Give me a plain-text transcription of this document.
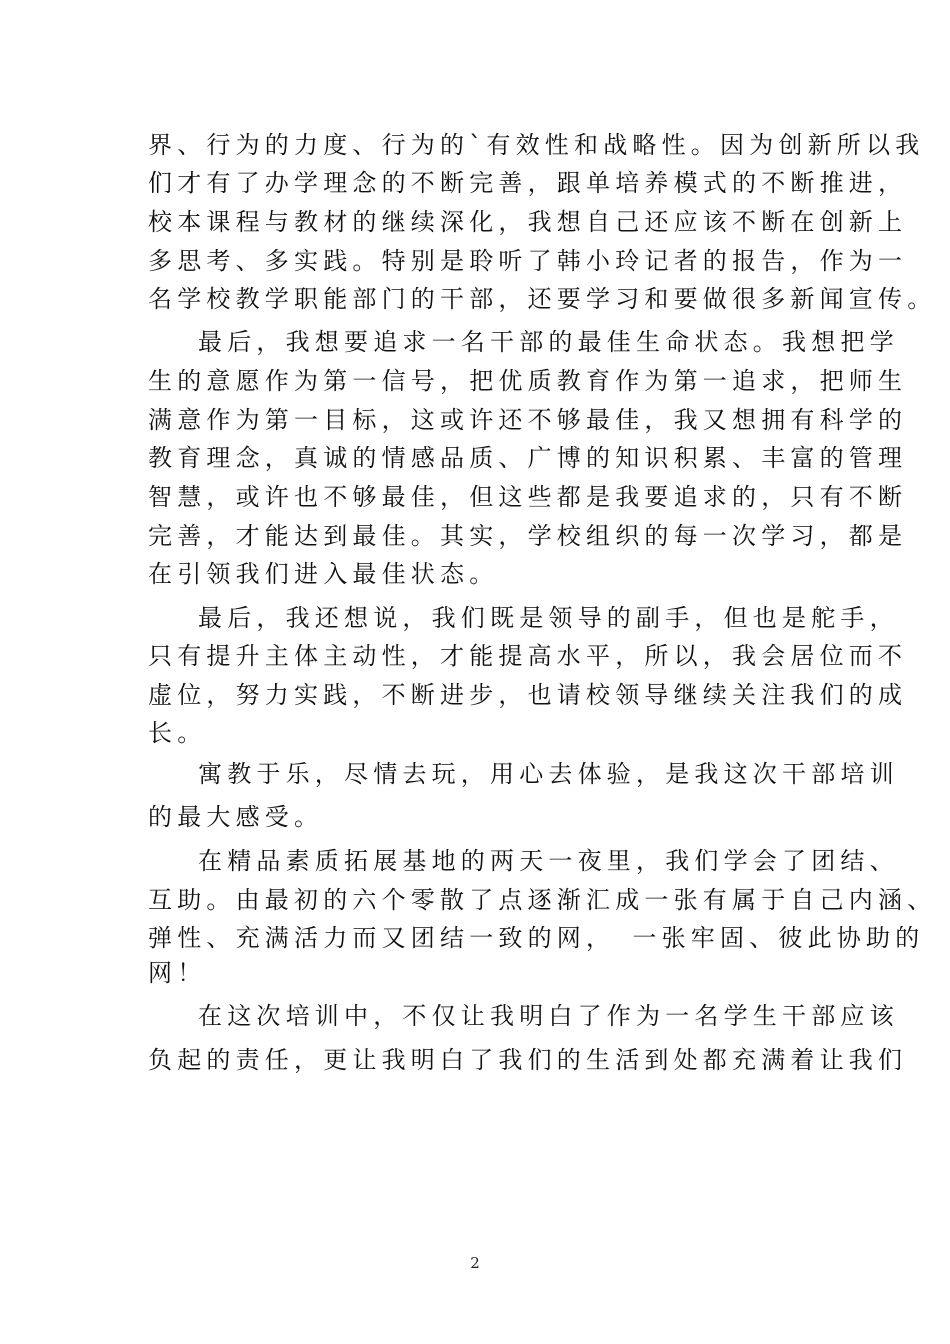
界、行为的力度、行为的`有效性和战略性。因为创新所以我
们才有了办学理念的不断完善，跟单培养模式的不断推进，
校本课程与教材的继续深化，我想自己还应该不断在创新上
多思考、多实践。特别是聆听了韩小玲记者的报告，作为一
名学校教学职能部门的干部，还要学习和要做很多新闻宣传。
最后，我想要追求一名干部的最佳生命状态。我想把学
生的意愿作为第一信号，把优质教育作为第一追求，把师生
满意作为第一目标，这或许还不够最佳，我又想拥有科学的
教育理念，真诚的情感品质、广博的知识积累、丰富的管理
智慧，或许也不够最佳，但这些都是我要追求的，只有不断
完善，才能达到最佳。其实，学校组织的每一次学习，都是
在引领我们进入最佳状态。
最后，我还想说，我们既是领导的副手，但也是舵手，
只有提升主体主动性，才能提高水平，所以，我会居位而不
虚位，努力实践，不断进步，也请校领导继续关注我们的成
长。
寓教于乐，尽情去玩，用心去体验，是我这次干部培训
的最大感受。
在精品素质拓展基地的两天一夜里，我们学会了团结、
互助。由最初的六个零散了点逐渐汇成一张有属于自己内涵、
弹性、充满活力而又团结一致的网，　一张牢固、彼此协助的
网！
在这次培训中，不仅让我明白了作为一名学生干部应该
负起的责任，更让我明白了我们的生活到处都充满着让我们
2
